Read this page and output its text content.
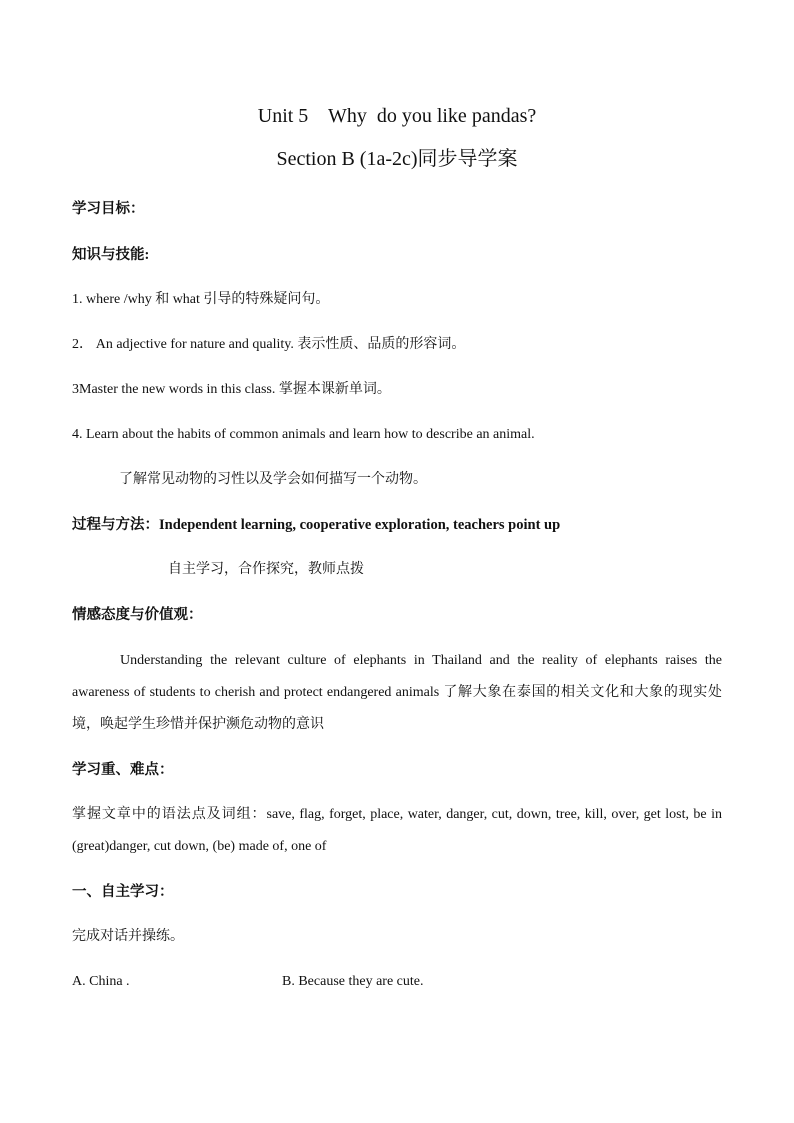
Unit 5    Why  do you like pandas?
Section B (1a-2c)同步导学案
学习目标：
知识与技能:
1. where /why 和 what 引导的特殊疑问句。
2． An adjective for nature and quality. 表示性质、品质的形容词。
3Master the new words in this class. 掌握本课新单词。
4. Learn about the habits of common animals and learn how to describe an animal.
了解常见动物的习性以及学会如何描写一个动物。
过程与方法：Independent learning, cooperative exploration, teachers point up
自主学习，合作探究，教师点拨
情感态度与价值观：
Understanding the relevant culture of elephants in Thailand and the reality of elephants raises the awareness of students to cherish and protect endangered animals 了解大象在泰国的相关文化和大象的现实处境，唤起学生珍惜并保护濒危动物的意识
学习重、难点：
掌握文章中的语法点及词组：save, flag, forget, place, water, danger, cut, down, tree, kill, over, get lost, be in (great)danger, cut down, (be) made of, one of
一、自主学习：
完成对话并操练。
A. China .	B. Because they are cute.
